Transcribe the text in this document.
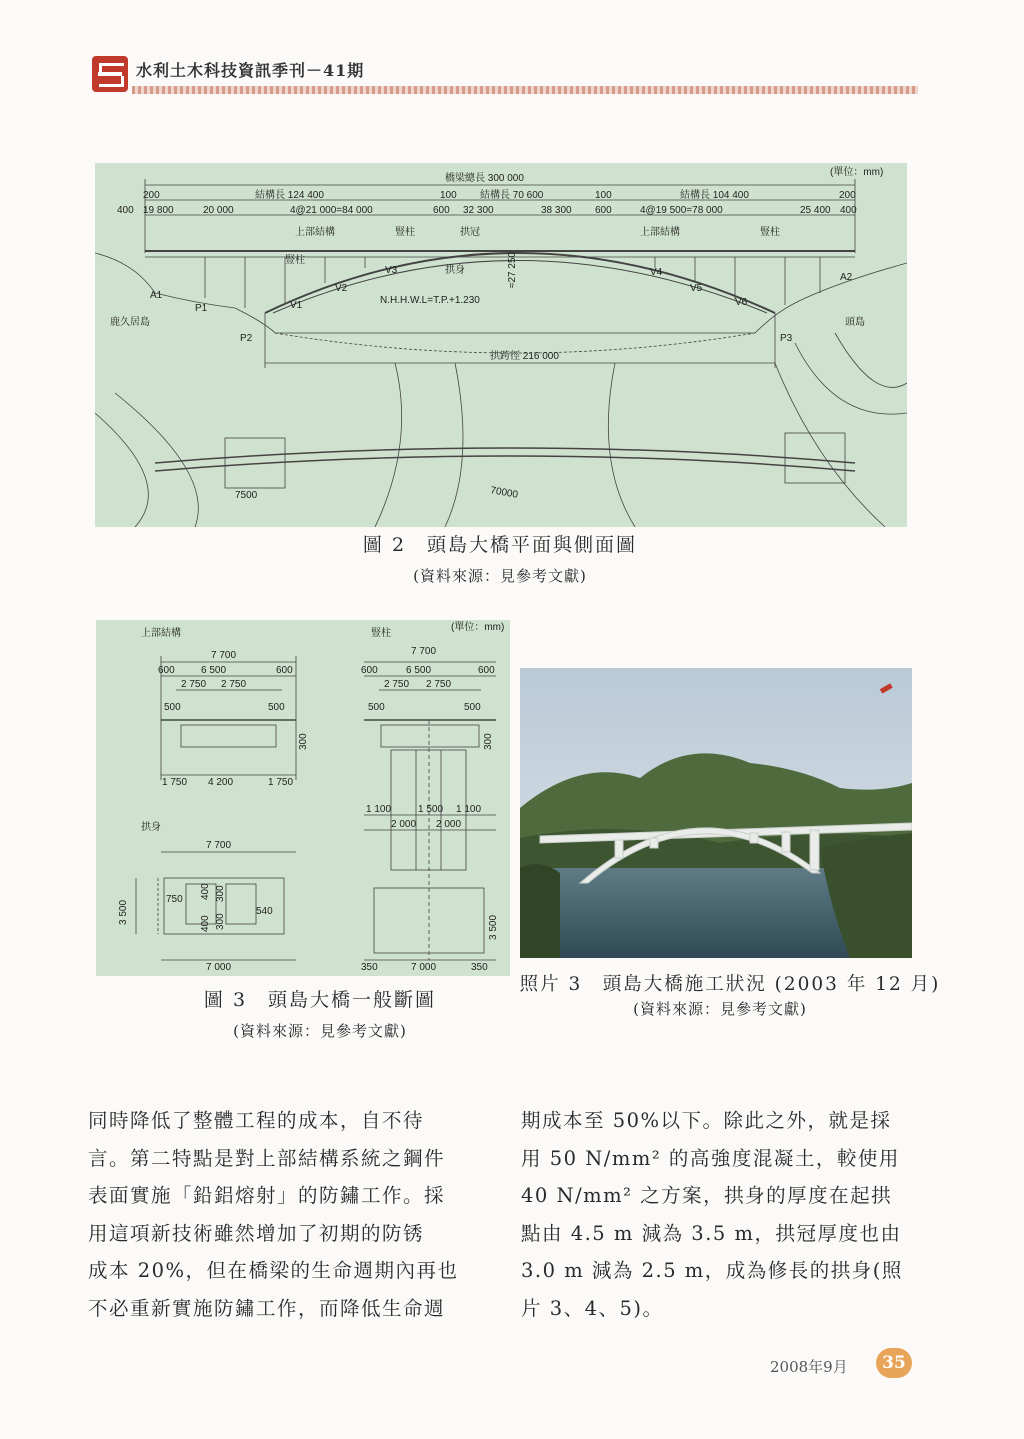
水利土木科技資訊季刊－41期
(單位：mm)
橋梁總長 300 000
200	結構長 124 400	100 結構長 70 600	100	結構長 104 400	200
400 19 800	20 000	4@21 000=84 000	600 32 300	38 300 600	4@19 500=78 000	25 400 400
上部結構	豎柱	拱冠	上部結構	豎柱
豎柱
拱身	≈27 250
V3
V2
V1
V4
V5
V6
N.H.H.W.L=T.P.+1.230
A1
P1
P2	P3
A2
鹿久居島	頭島
拱跨徑 216 000
70000
7500
圖 2　頭島大橋平面與側面圖
(資料來源：見參考文獻)
(單位：mm)
上部結構
7 700
600	6 500	600
2 750 2 750
500	500
300
1 750 4 200	1 750
豎柱
7 700
600	6 500	600
2 750 2 750
500	500
300
1 100	1 500 1 100
2 000 2 000
350	7 000	350
3 500
拱身
7 700
3 500
750	300
400
300
400
540
7 000
圖 3　頭島大橋一般斷圖
(資料來源：見參考文獻)
照片 3　頭島大橋施工狀況 (2003 年 12 月)
(資料來源：見參考文獻)

同時降低了整體工程的成本，自不待

言。第二特點是對上部結構系統之鋼件

表面實施「鉛鋁熔射」的防鏽工作。採

用這項新技術雖然增加了初期的防锈

成本 20%，但在橋梁的生命週期內再也

不必重新實施防鏽工作，而降低生命週

期成本至 50%以下。除此之外，就是採

用 50 N/mm² 的高強度混凝土，較使用

40 N/mm² 之方案，拱身的厚度在起拱

點由 4.5 m 減為 3.5 m，拱冠厚度也由

3.0 m 減為 2.5 m，成為修長的拱身(照

片 3、4、5)。

2008年9月	35
